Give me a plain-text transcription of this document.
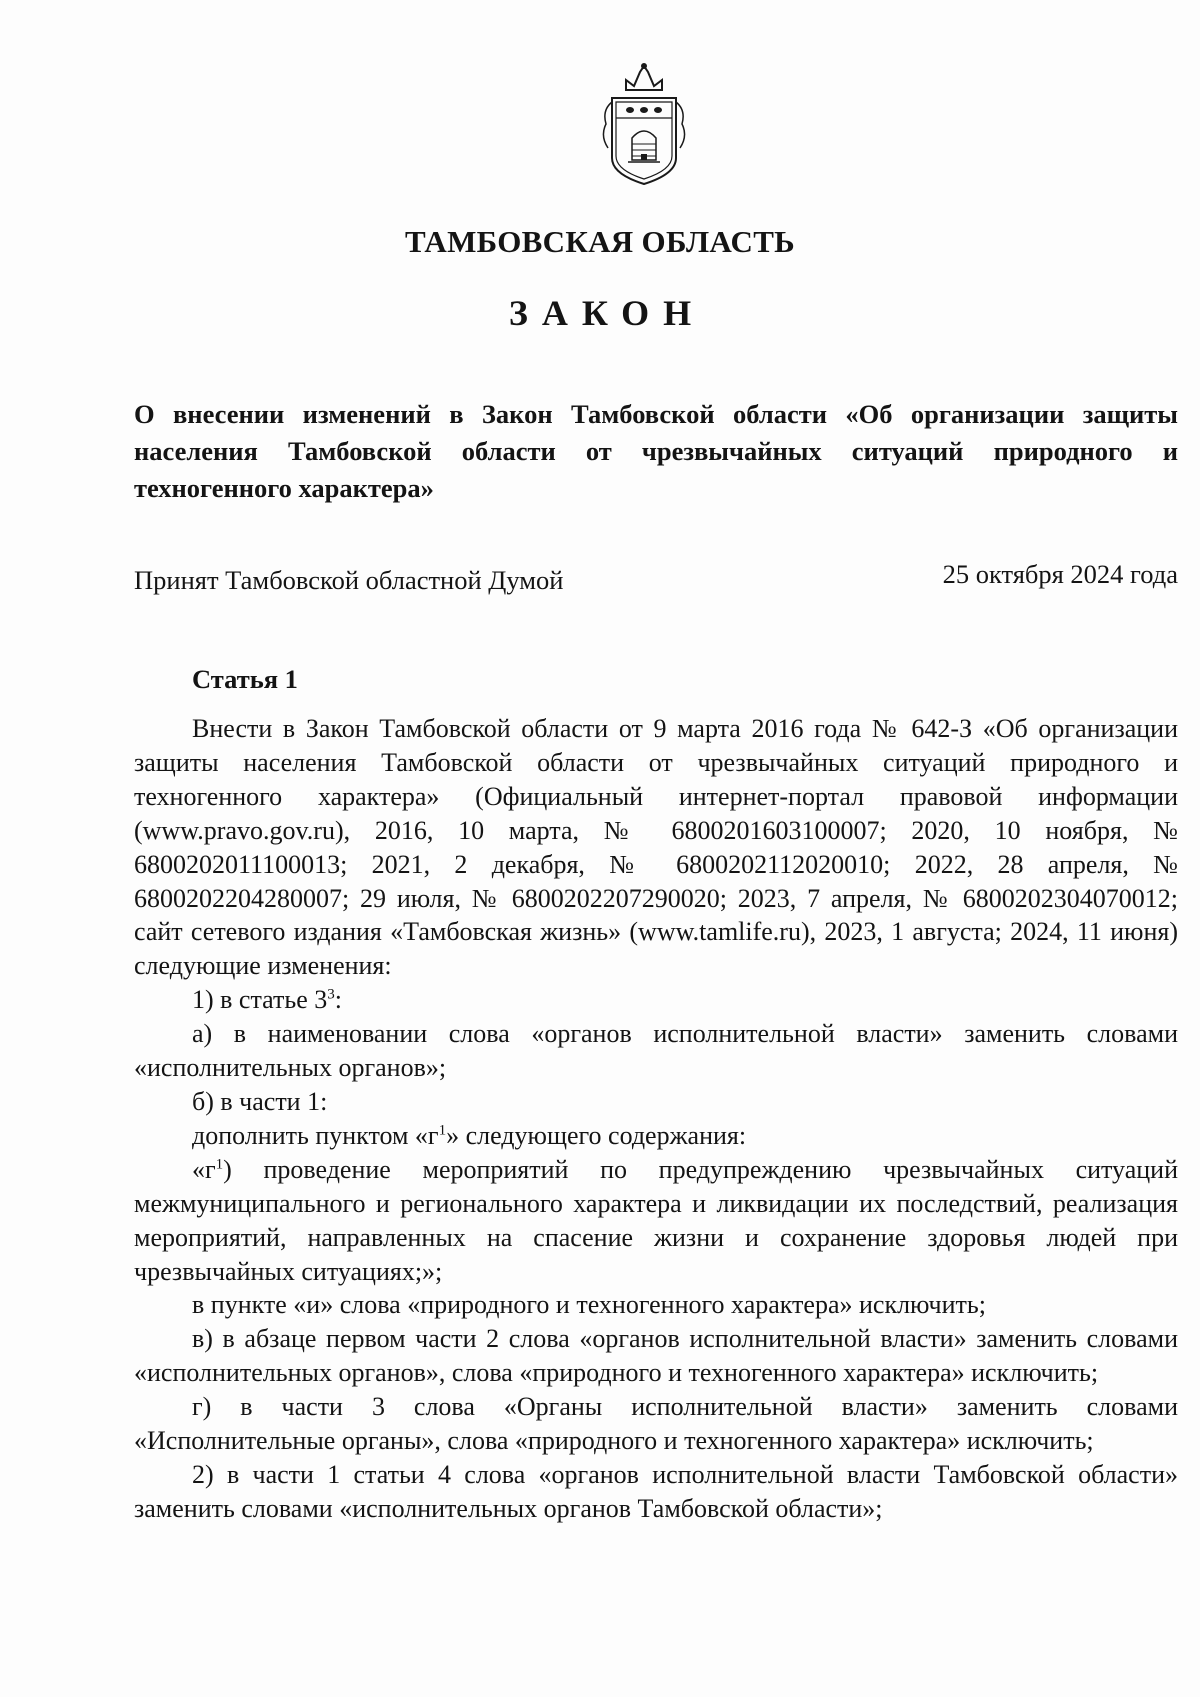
ТАМБОВСКАЯ ОБЛАСТЬ
ЗАКОН
О внесении изменений в Закон Тамбовской области «Об организации защиты населения Тамбовской области от чрезвычайных ситуаций природного и техногенного характера»
Принят Тамбовской областной Думой	25 октября 2024 года
Статья 1

Внести в Закон Тамбовской области от 9 марта 2016 года № 642-З «Об организации защиты населения Тамбовской области от чрезвычайных ситуаций природного и техногенного характера» (Официальный интернет-портал правовой информации (www.pravo.gov.ru), 2016, 10 марта, № 6800201603100007; 2020, 10 ноября, № 6800202011100013; 2021, 2 декабря, № 6800202112020010; 2022, 28 апреля, № 6800202204280007; 29 июля, № 6800202207290020; 2023, 7 апреля, № 6800202304070012; сайт сетевого издания «Тамбовская жизнь» (www.tamlife.ru), 2023, 1 августа; 2024, 11 июня) следующие изменения:

1) в статье $3^3$:

а) в наименовании слова «органов исполнительной власти» заменить словами «исполнительных органов»;

б) в части 1:

дополнить пунктом «$г^1$» следующего содержания:

«$г^1$) проведение мероприятий по предупреждению чрезвычайных ситуаций межмуниципального и регионального характера и ликвидации их последствий, реализация мероприятий, направленных на спасение жизни и сохранение здоровья людей при чрезвычайных ситуациях;»;

в пункте «и» слова «природного и техногенного характера» исключить;

в) в абзаце первом части 2 слова «органов исполнительной власти» заменить словами «исполнительных органов», слова «природного и техногенного характера» исключить;

г) в части 3 слова «Органы исполнительной власти» заменить словами «Исполнительные органы», слова «природного и техногенного характера» исключить;

2) в части 1 статьи 4 слова «органов исполнительной власти Тамбовской области» заменить словами «исполнительных органов Тамбовской области»;
